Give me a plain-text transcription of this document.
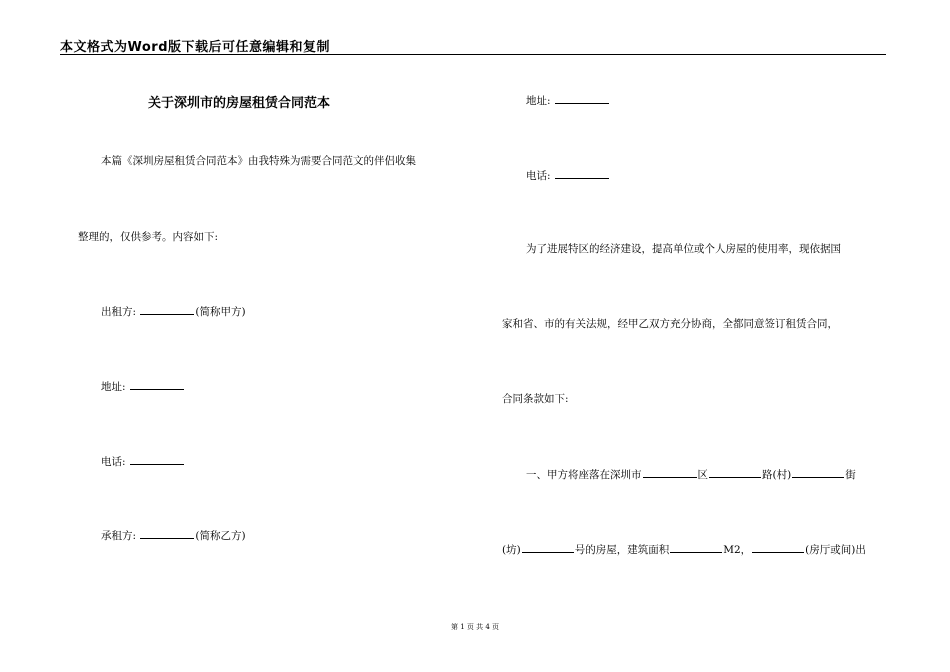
本文格式为Word版下载后可任意编辑和复制
关于深圳市的房屋租赁合同范本
本篇《深圳房屋租赁合同范本》由我特殊为需要合同范文的伴侣收集
整理的，仅供参考。内容如下:
出租方:	(简称甲方)
地址:
电话:
承租方:	(简称乙方)
地址:
电话:
为了进展特区的经济建设，提高单位或个人房屋的使用率，现依据国
家和省、市的有关法规，经甲乙双方充分协商，全都同意签订租赁合同，
合同条款如下:
一、甲方将座落在深圳市	区	路(村)	街
(坊)	号的房屋，建筑面积	M2，	(房厅或间)出
第 1 页 共 4 页
